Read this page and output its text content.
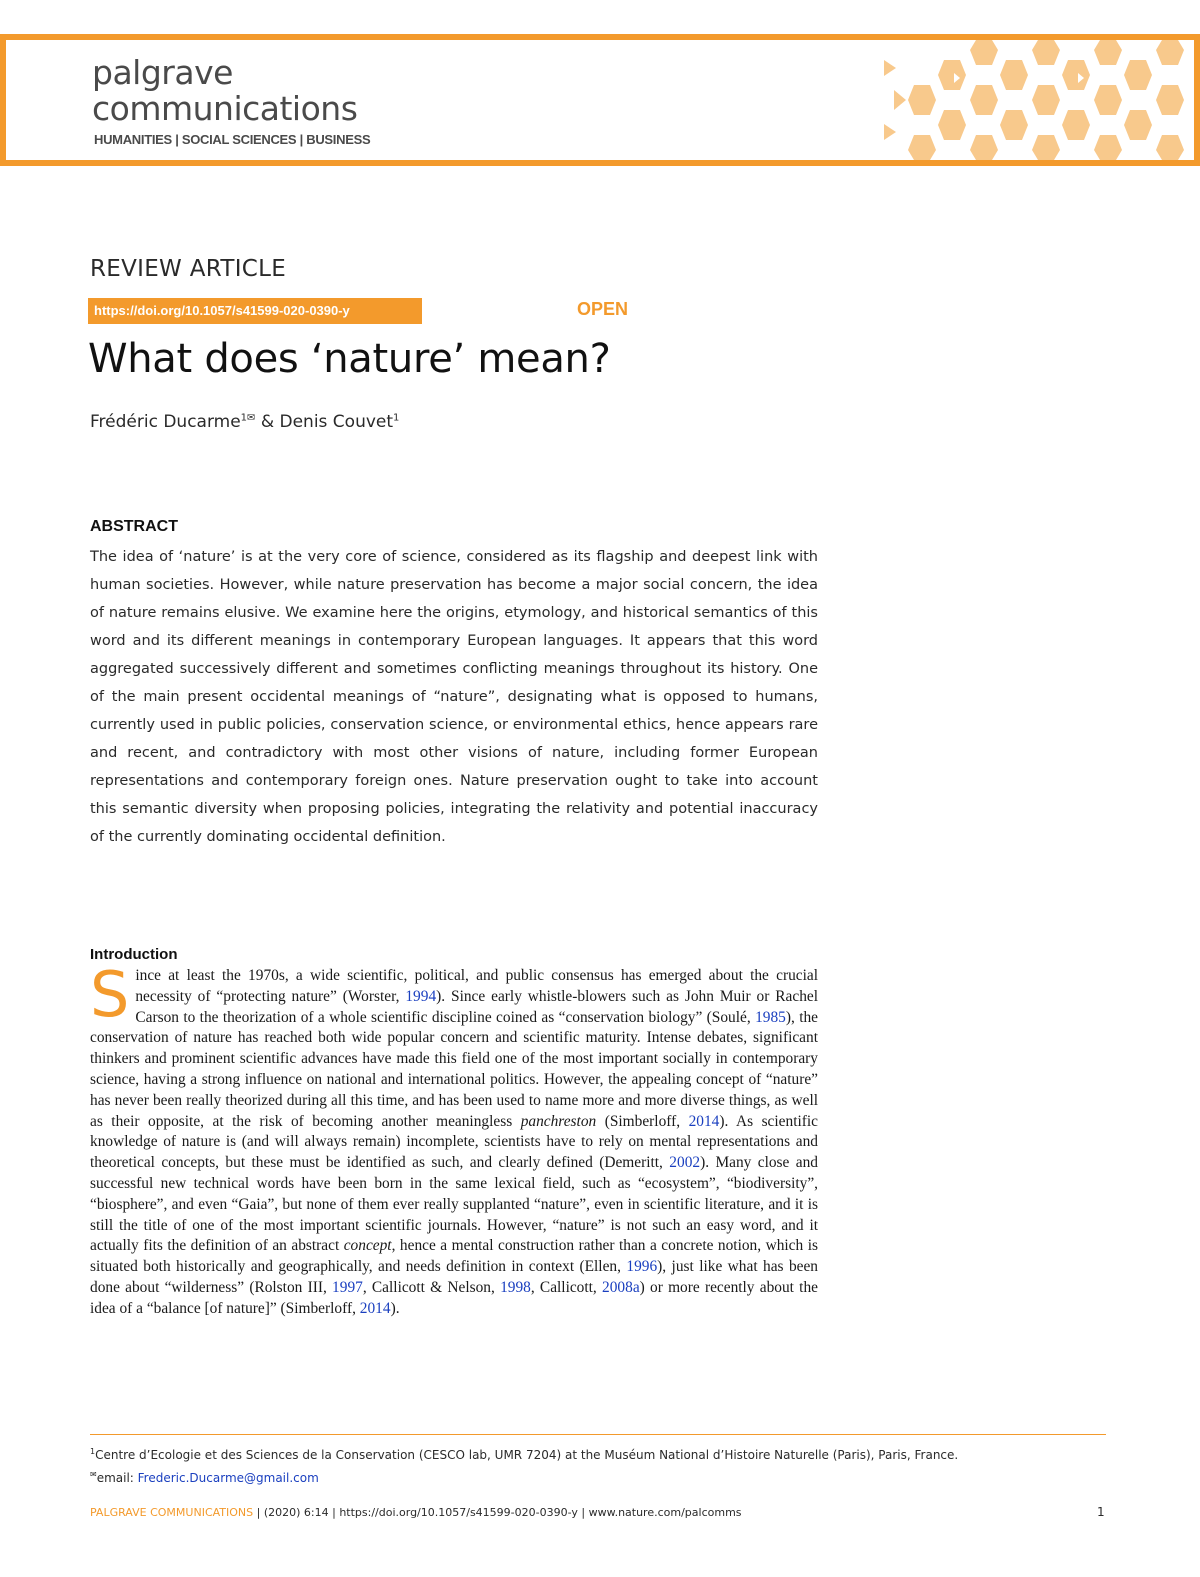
palgrave
communications
HUMANITIES | SOCIAL SCIENCES | BUSINESS
REVIEW ARTICLE
https://doi.org/10.1057/s41599-020-0390-y	OPEN
What does ‘nature’ mean?
Frédéric Ducarme$^{1✉}$ & Denis Couvet$^1$
ABSTRACT

The idea of ‘nature’ is at the very core of science, considered as its flagship and deepest link with human societies. However, while nature preservation has become a major social concern, the idea of nature remains elusive. We examine here the origins, etymology, and historical semantics of this word and its different meanings in contemporary European languages. It appears that this word aggregated successively different and sometimes conflicting meanings throughout its history. One of the main present occidental meanings of “nature”, designating what is opposed to humans, currently used in public policies, conservation science, or environmental ethics, hence appears rare and recent, and contradictory with most other visions of nature, including former European representations and contemporary foreign ones. Nature preservation ought to take into account this semantic diversity when proposing policies, integrating the relativity and potential inaccuracy of the currently dominating occidental definition.

Introduction

Since at least the 1970s, a wide scientific, political, and public consensus has emerged about the crucial necessity of “protecting nature” (Worster, 1994). Since early whistle-blowers such as John Muir or Rachel Carson to the theorization of a whole scientific discipline coined as “conservation biology” (Soulé, 1985), the conservation of nature has reached both wide popular concern and scientific maturity. Intense debates, significant thinkers and prominent scientific advances have made this field one of the most important socially in contemporary science, having a strong influence on national and international politics. However, the appealing concept of “nature” has never been really theorized during all this time, and has been used to name more and more diverse things, as well as their opposite, at the risk of becoming another meaningless panchreston (Simberloff, 2014). As scientific knowledge of nature is (and will always remain) incomplete, scientists have to rely on mental representations and theoretical concepts, but these must be identified as such, and clearly defined (Demeritt, 2002). Many close and successful new technical words have been born in the same lexical field, such as “ecosystem”, “biodiversity”, “biosphere”, and even “Gaia”, but none of them ever really supplanted “nature”, even in scientific literature, and it is still the title of one of the most important scientific journals. However, “nature” is not such an easy word, and it actually fits the definition of an abstract concept, hence a mental construction rather than a concrete notion, which is situated both historically and geographically, and needs definition in context (Ellen, 1996), just like what has been done about “wilderness” (Rolston III, 1997, Callicott & Nelson, 1998, Callicott, 2008a) or more recently about the idea of a “balance [of nature]” (Simberloff, 2014).

$^1$Centre d’Ecologie et des Sciences de la Conservation (CESCO lab, UMR 7204) at the Muséum National d’Histoire Naturelle (Paris), Paris, France.
✉email: Frederic.Ducarme@gmail.com
PALGRAVE COMMUNICATIONS | (2020) 6:14 | https://doi.org/10.1057/s41599-020-0390-y | www.nature.com/palcomms	1
